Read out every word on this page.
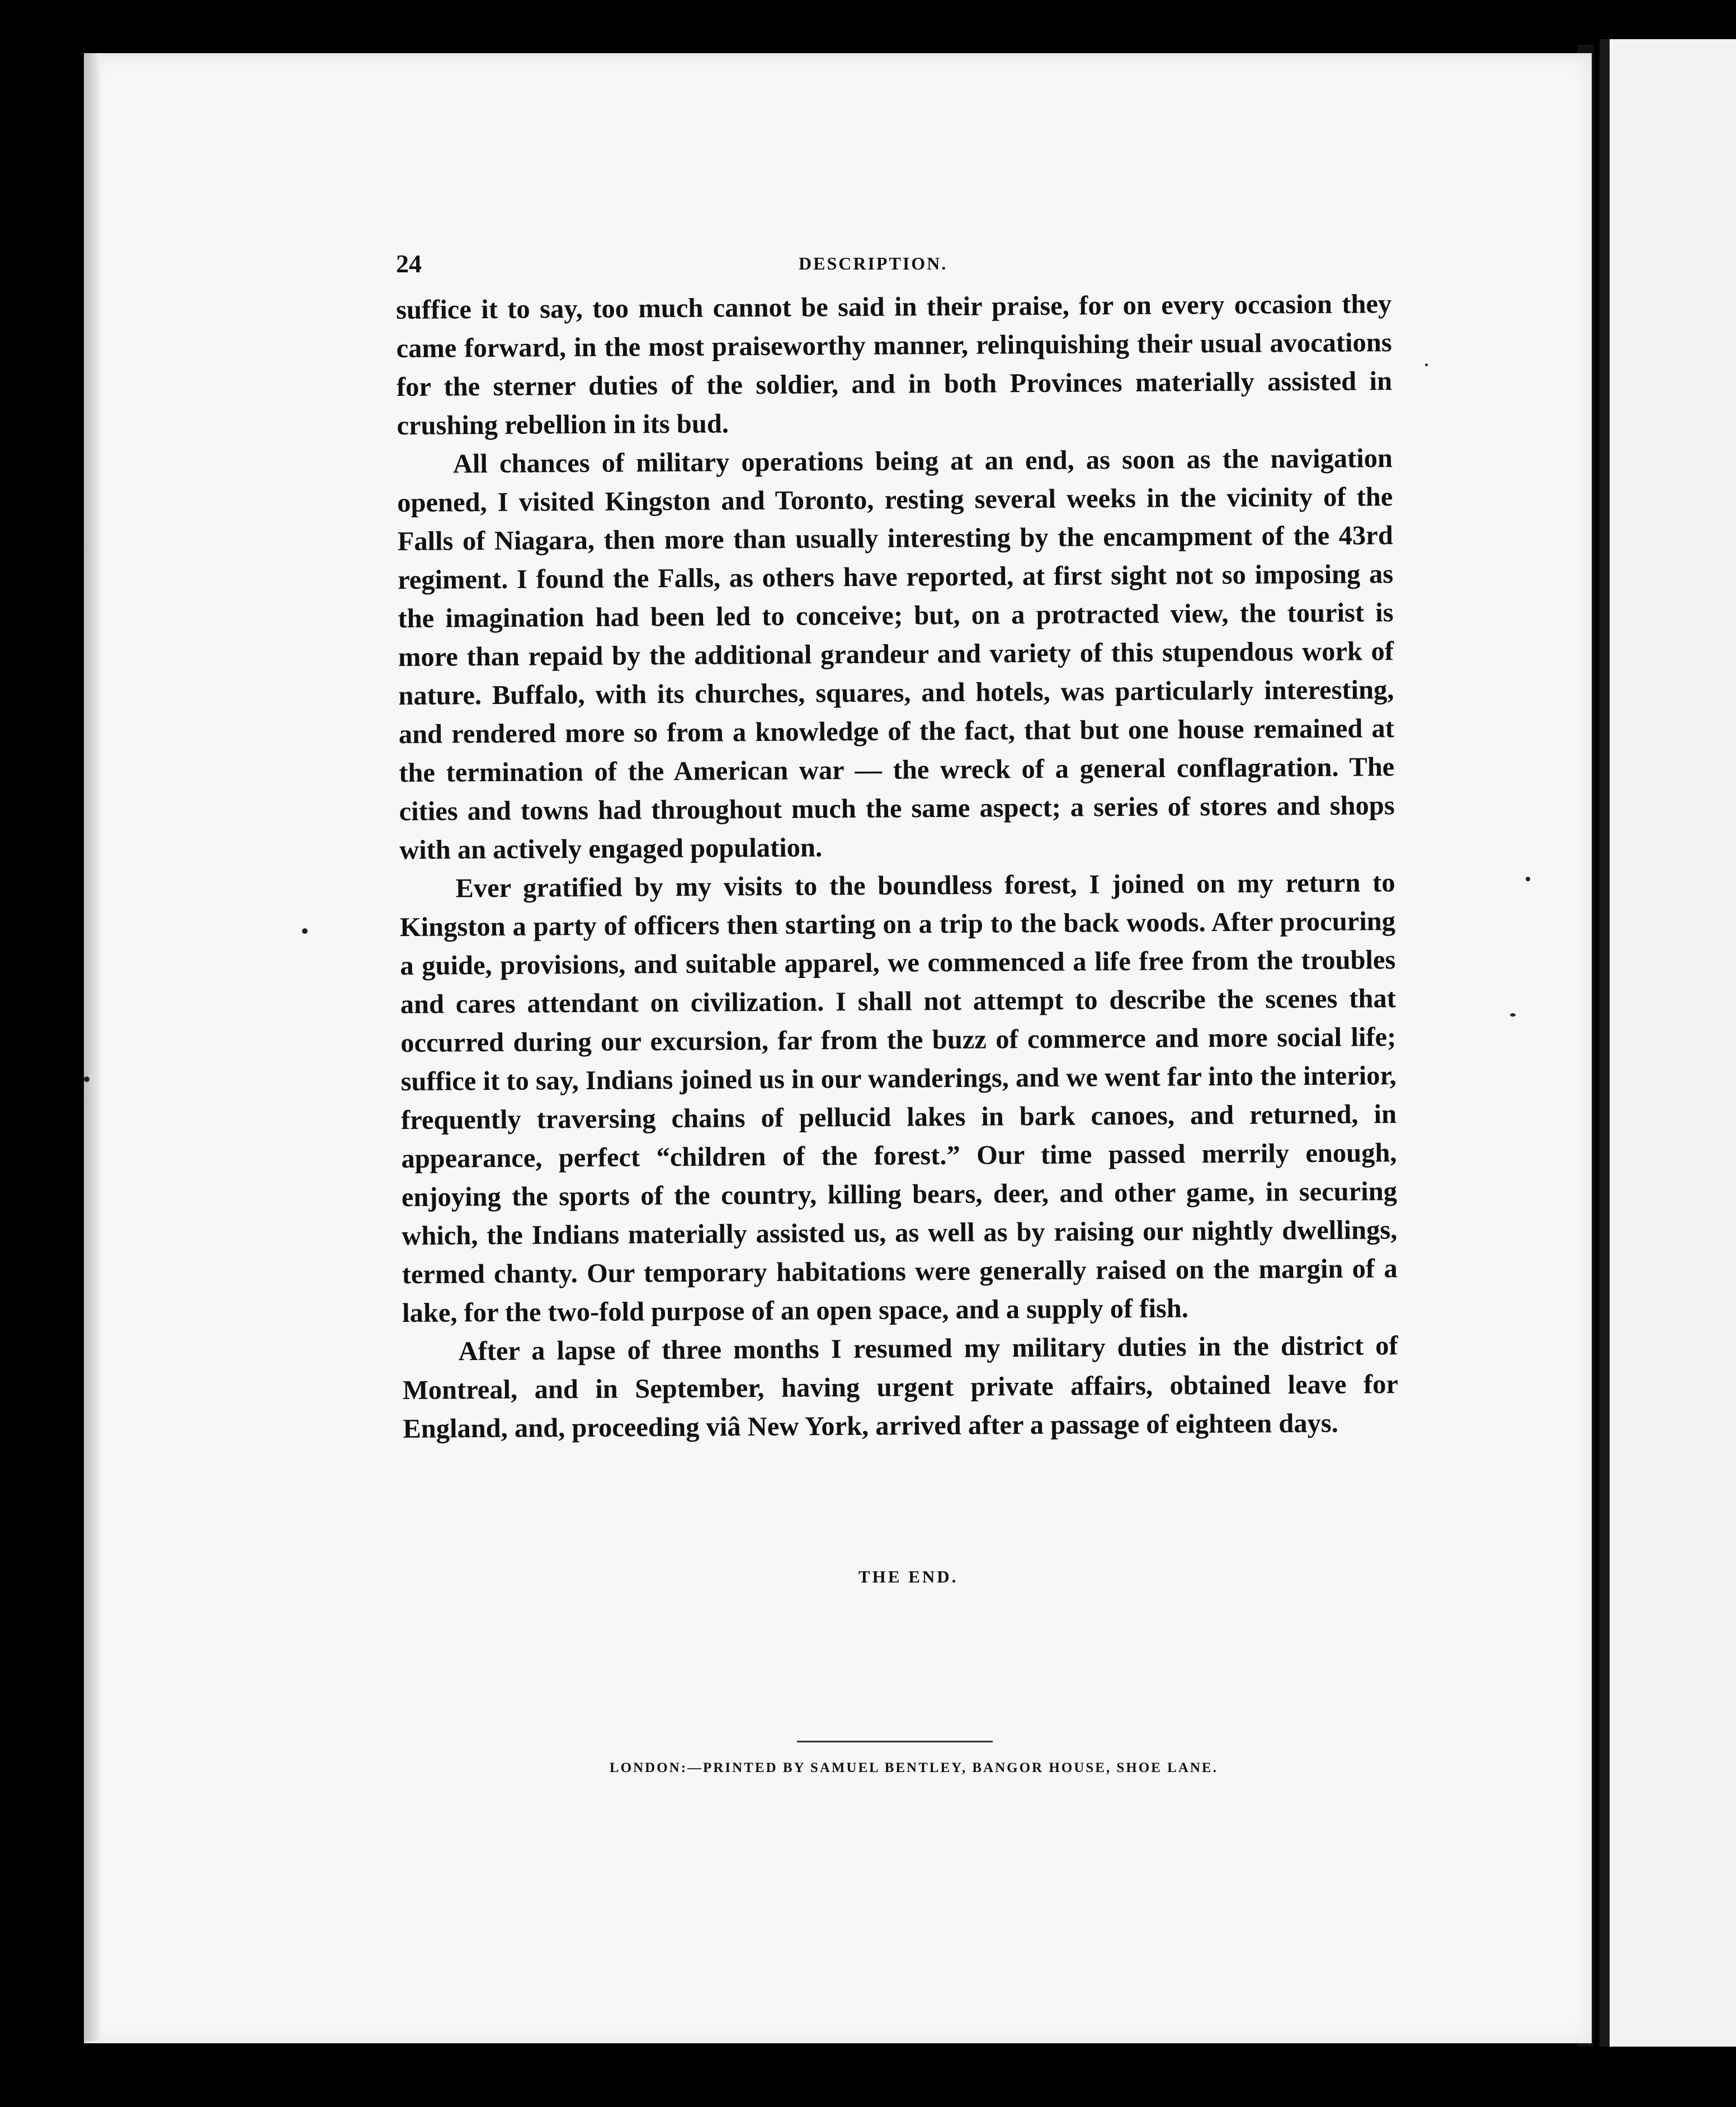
24	DESCRIPTION.

suffice it to say, too much cannot be said in their praise, for on every occasion they came forward, in the most praiseworthy manner, relinquishing their usual avocations for the sterner duties of the soldier, and in both Provinces materially assisted in crushing rebellion in its bud.

All chances of military operations being at an end, as soon as the navigation opened, I visited Kingston and Toronto, resting several weeks in the vicinity of the Falls of Niagara, then more than usually interesting by the encampment of the 43rd regiment. I found the Falls, as others have reported, at first sight not so imposing as the imagination had been led to conceive; but, on a protracted view, the tourist is more than repaid by the additional grandeur and variety of this stupendous work of nature. Buffalo, with its churches, squares, and hotels, was particularly interesting, and rendered more so from a knowledge of the fact, that but one house remained at the termination of the American war — the wreck of a general conflagration. The cities and towns had throughout much the same aspect; a series of stores and shops with an actively engaged population.

Ever gratified by my visits to the boundless forest, I joined on my return to Kingston a party of officers then starting on a trip to the back woods. After procuring a guide, provisions, and suitable apparel, we commenced a life free from the troubles and cares attendant on civilization. I shall not attempt to describe the scenes that occurred during our excursion, far from the buzz of commerce and more social life; suffice it to say, Indians joined us in our wanderings, and we went far into the interior, frequently traversing chains of pellucid lakes in bark canoes, and returned, in appearance, perfect “children of the forest.” Our time passed merrily enough, enjoying the sports of the country, killing bears, deer, and other game, in securing which, the Indians materially assisted us, as well as by raising our nightly dwellings, termed chanty. Our temporary habitations were generally raised on the margin of a lake, for the two-fold purpose of an open space, and a supply of fish.

After a lapse of three months I resumed my military duties in the district of Montreal, and in September, having urgent private affairs, obtained leave for England, and, proceeding viâ New York, arrived after a passage of eighteen days.

THE END.
LONDON:—PRINTED BY SAMUEL BENTLEY, BANGOR HOUSE, SHOE LANE.
